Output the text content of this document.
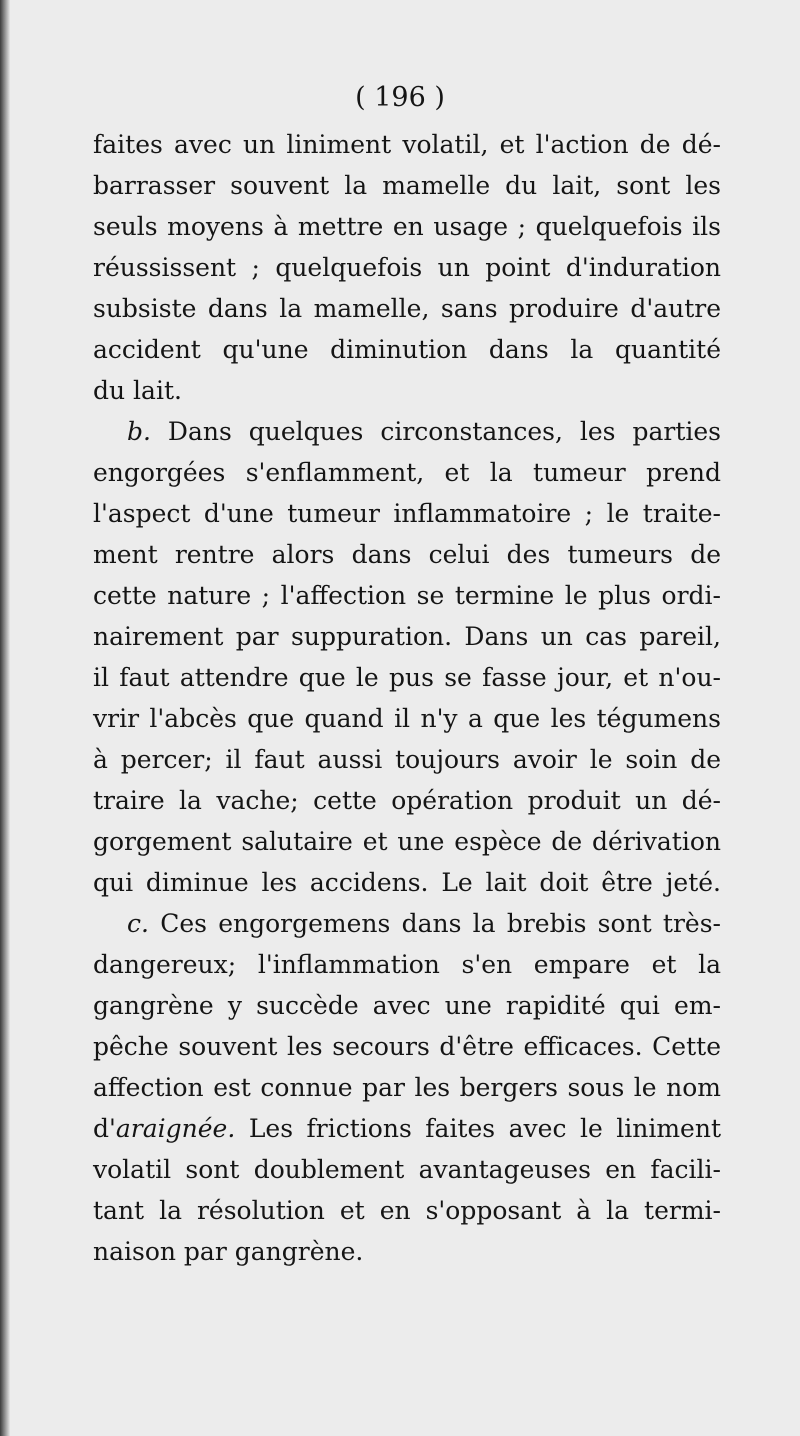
( 196 )
faites avec un liniment volatil, et l'action de dé-
barrasser souvent la mamelle du lait, sont les
seuls moyens à mettre en usage ; quelquefois ils
réussissent ; quelquefois un point d'induration
subsiste dans la mamelle, sans produire d'autre
accident qu'une diminution dans la quantité
du lait.
b. Dans quelques circonstances, les parties
engorgées s'enflamment, et la tumeur prend
l'aspect d'une tumeur inflammatoire ; le traite-
ment rentre alors dans celui des tumeurs de
cette nature ; l'affection se termine le plus ordi-
nairement par suppuration. Dans un cas pareil,
il faut attendre que le pus se fasse jour, et n'ou-
vrir l'abcès que quand il n'y a que les tégumens
à percer; il faut aussi toujours avoir le soin de
traire la vache; cette opération produit un dé-
gorgement salutaire et une espèce de dérivation
qui diminue les accidens. Le lait doit être jeté.
c. Ces engorgemens dans la brebis sont très-
dangereux; l'inflammation s'en empare et la
gangrène y succède avec une rapidité qui em-
pêche souvent les secours d'être efficaces. Cette
affection est connue par les bergers sous le nom
d'araignée. Les frictions faites avec le liniment
volatil sont doublement avantageuses en facili-
tant la résolution et en s'opposant à la termi-
naison par gangrène.
